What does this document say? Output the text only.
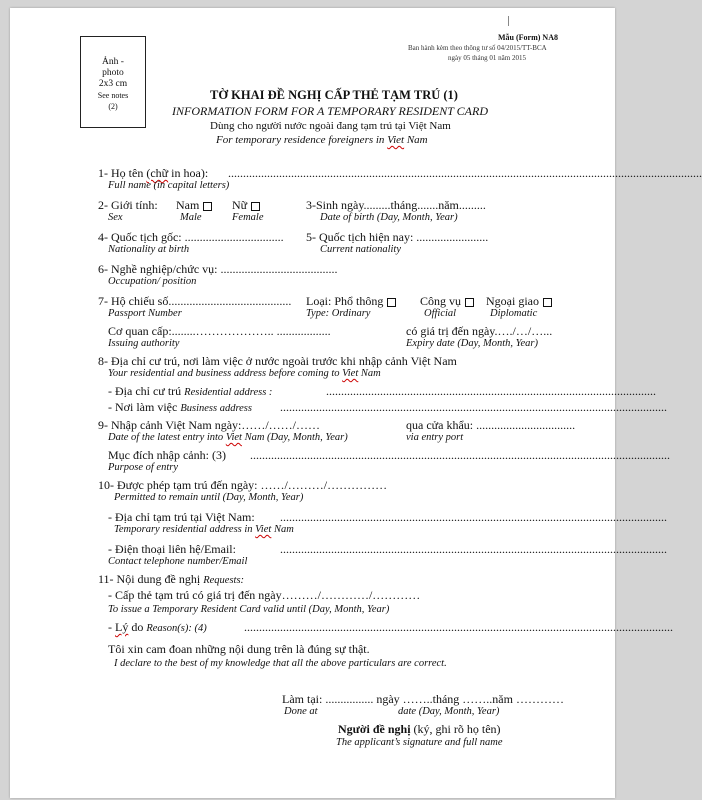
Mẫu (Form) NA8
Ban hành kèm theo thông tư số 04/2015/TT-BCA
ngày 05 tháng 01 năm 2015
Ảnh -
photo
2x3 cm
See notes
(2)
TỜ KHAI ĐỀ NGHỊ CẤP THẺ TẠM TRÚ (1)
INFORMATION FORM FOR A TEMPORARY RESIDENT CARD
Dùng cho người nước ngoài đang tạm trú tại Việt Nam
For temporary residence foreigners in Viet Nam
1- Họ tên (chữ in hoa): ..............................................................................................................................................................
Full name (in capital letters)
2- Giới tính: Nam	Nữ	3-Sinh ngày.........tháng.......năm.........
Sex	Male	Female	Date of birth (Day, Month, Year)
4- Quốc tịch gốc: ................................. 5- Quốc tịch hiện nay: ........................
Nationality at birth	Current nationality
6- Nghề nghiệp/chức vụ: .......................................
Occupation/ position
7- Hộ chiếu số......................................... Loại: Phổ thông	Công vụ	Ngoại giao
Passport Number	Type: Ordinary	Official	Diplomatic
Cơ quan cấp:........……………….. ..................	có giá trị đến ngày.…./…/…...
Issuing authority	Expiry date (Day, Month, Year)
8- Địa chỉ cư trú, nơi làm việc ở nước ngoài trước khi nhập cảnh Việt Nam
Your residential and business address before coming to Viet Nam
- Địa chỉ cư trú Residential address :	..............................................................................................................
- Nơi làm việc Business address .................................................................................................................................
9- Nhập cảnh Việt Nam ngày:……/……/……	qua cửa khẩu: .................................
Date of the latest entry into Viet Nam (Day, Month, Year)	via entry port
Mục đích nhập cảnh: (3) ............................................................................................................................................
Purpose of entry
10- Được phép tạm trú đến ngày: ……/………/……………
Permitted to remain until (Day, Month, Year)
- Địa chỉ tạm trú tại Việt Nam: .................................................................................................................................
Temporary residential address in Viet Nam
- Điện thoại liên hệ/Email:	.................................................................................................................................
Contact telephone number/Email
11- Nội dung đề nghị Requests:
- Cấp thẻ tạm trú có giá trị đến ngày………/…………/…………
To issue a Temporary Resident Card valid until (Day, Month, Year)
- Lý do Reason(s): (4)	...............................................................................................................................................
Tôi xin cam đoan những nội dung trên là đúng sự thật.
I declare to the best of my knowledge that all the above particulars are correct.
Làm tại: ................ ngày ……..tháng ……..năm …………
Done at	date (Day, Month, Year)
Người đề nghị (ký, ghi rõ họ tên)
The applicant’s signature and full name
